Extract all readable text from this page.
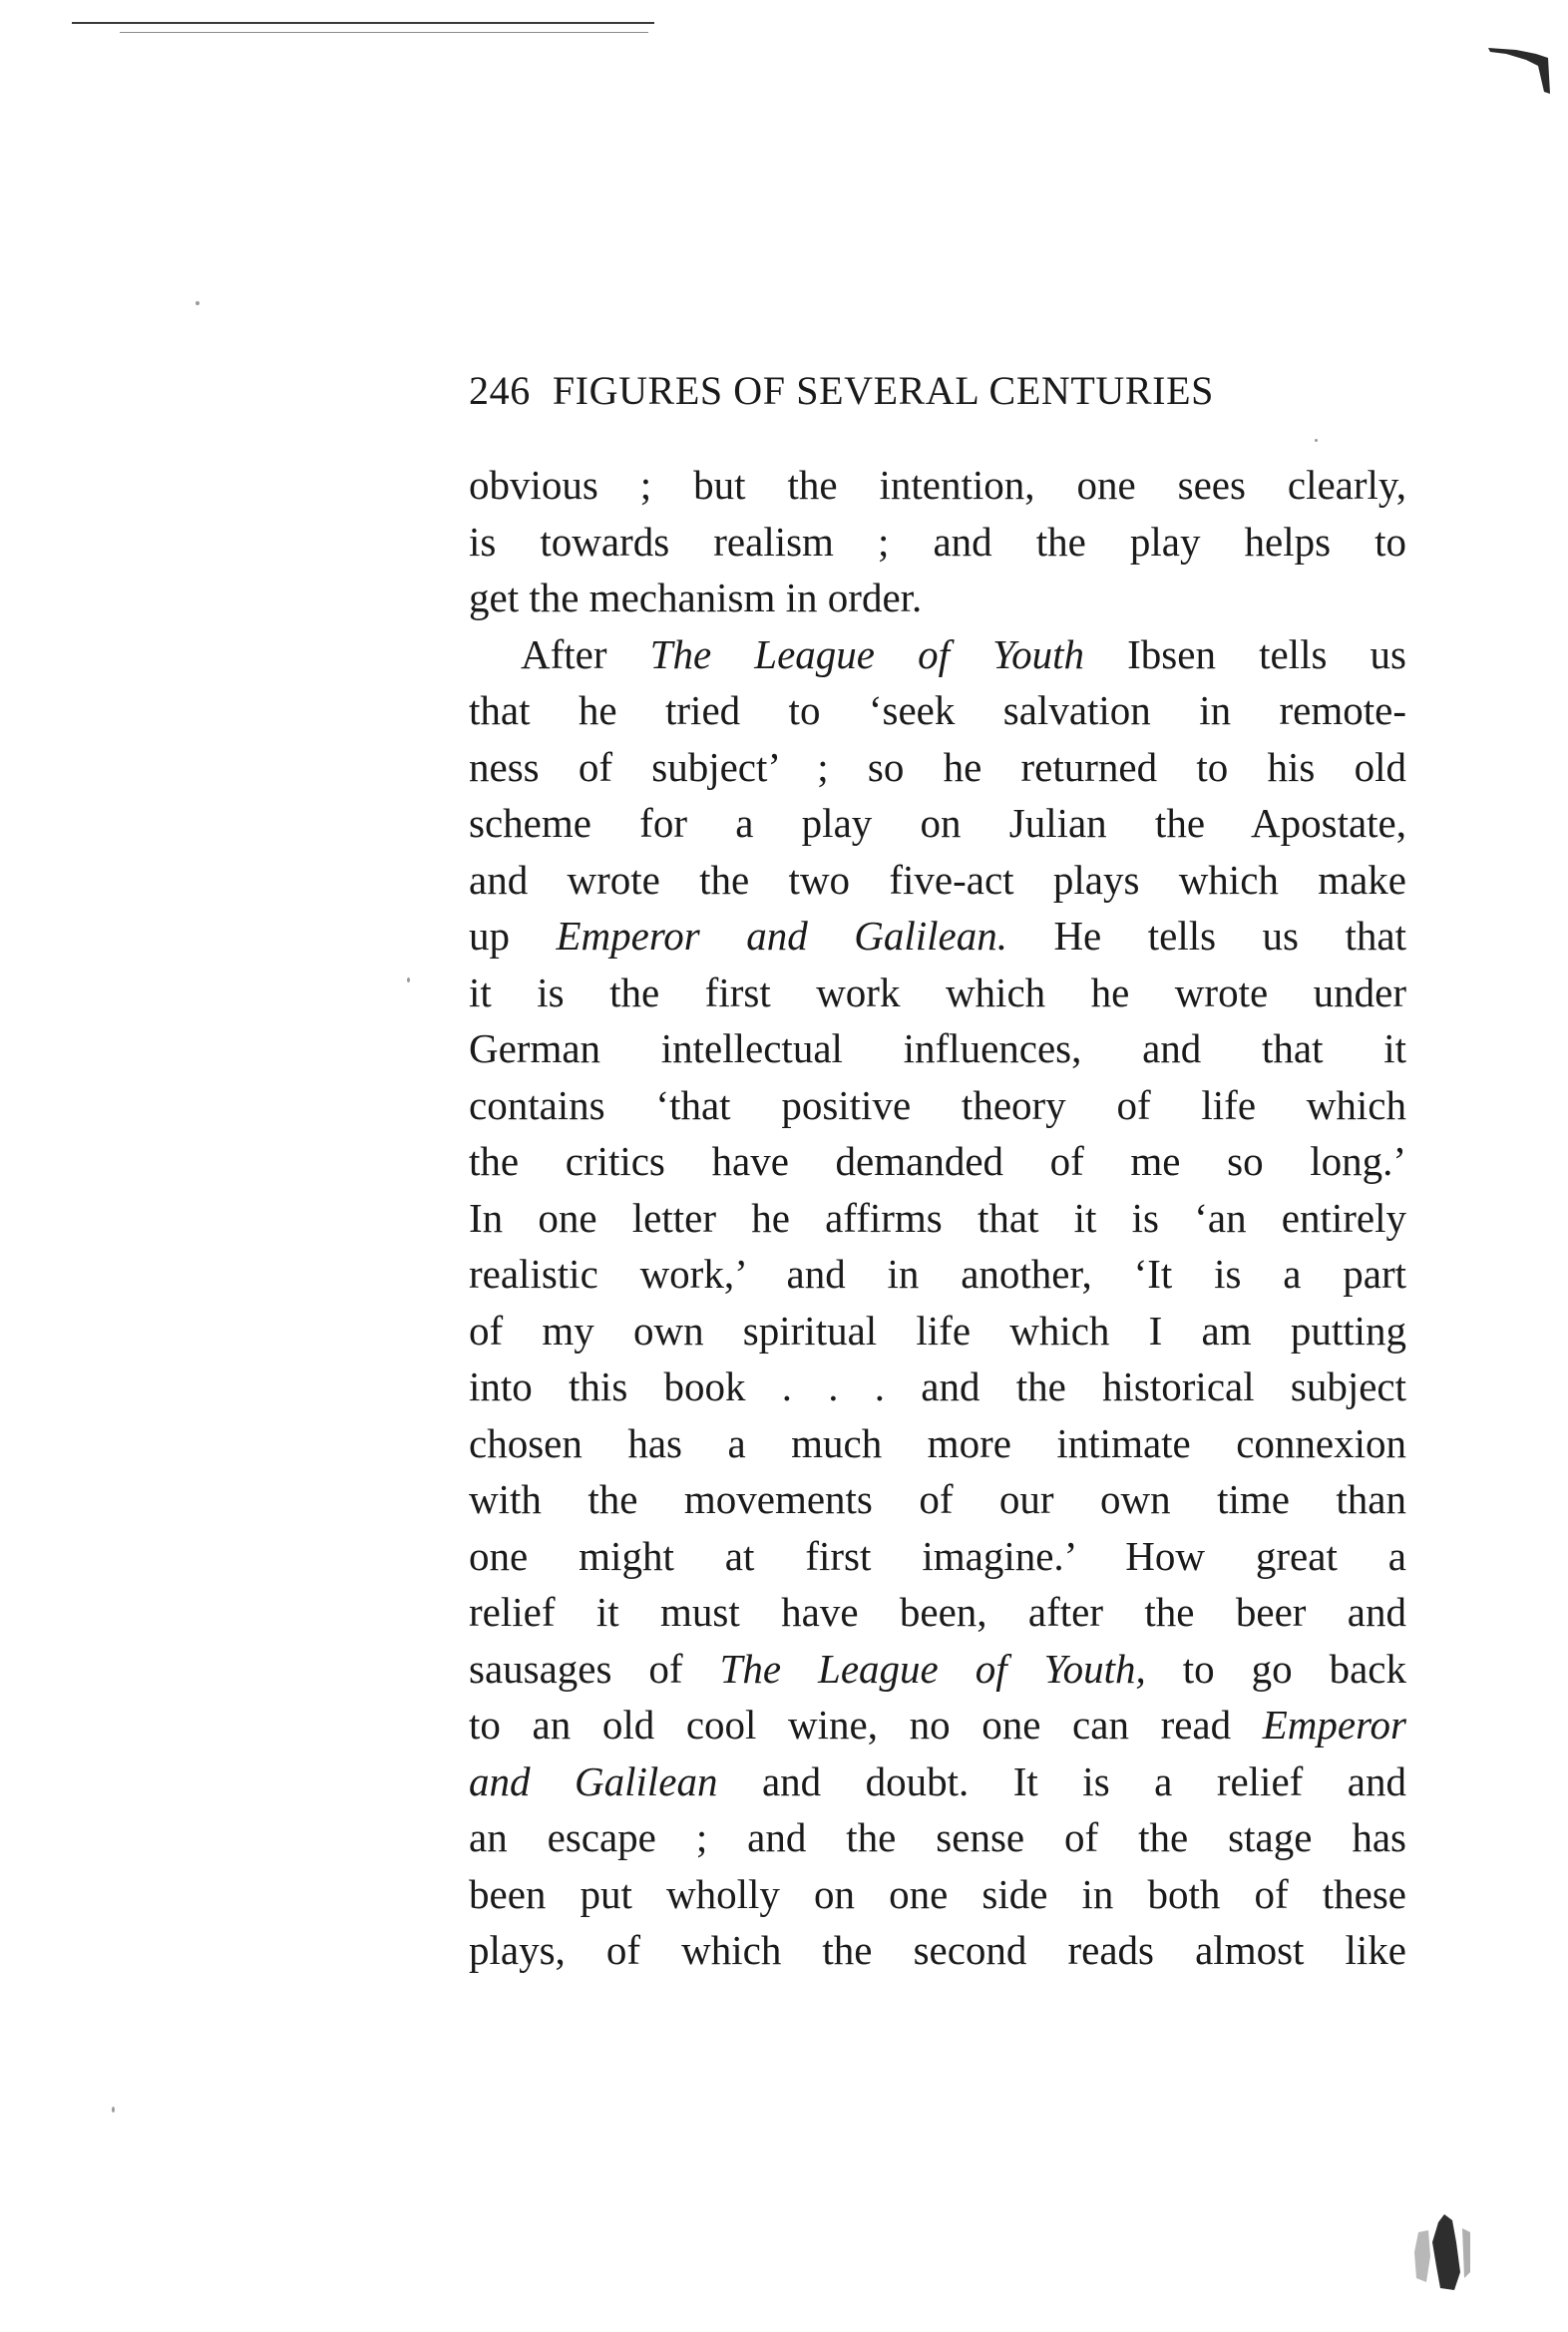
246 FIGURES OF SEVERAL CENTURIES
obvious ; but the intention, one sees clearly,
is towards realism ; and the play helps to
get the mechanism in order.
After The League of Youth Ibsen tells us
that he tried to ‘seek salvation in remote-
ness of subject’ ; so he returned to his old
scheme for a play on Julian the Apostate,
and wrote the two five-act plays which make
up Emperor and Galilean. He tells us that
it is the first work which he wrote under
German intellectual influences, and that it
contains ‘that positive theory of life which
the critics have demanded of me so long.’
In one letter he affirms that it is ‘an entirely
realistic work,’ and in another, ‘It is a part
of my own spiritual life which I am putting
into this book . . . and the historical subject
chosen has a much more intimate connexion
with the movements of our own time than
one might at first imagine.’ How great a
relief it must have been, after the beer and
sausages of The League of Youth, to go back
to an old cool wine, no one can read Emperor
and Galilean and doubt. It is a relief and
an escape ; and the sense of the stage has
been put wholly on one side in both of these
plays, of which the second reads almost like
